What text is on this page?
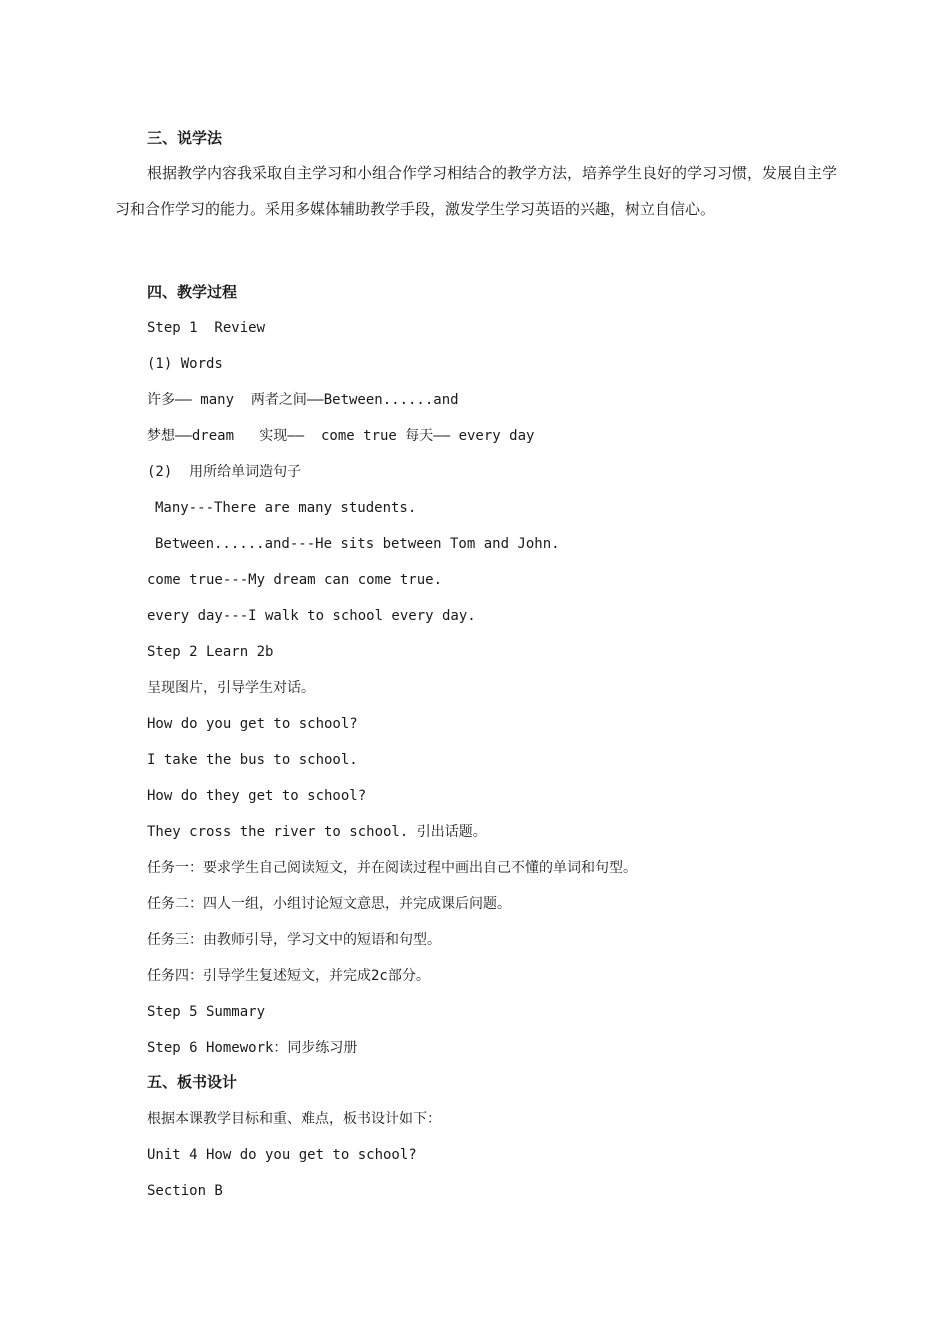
三、说学法
根据教学内容我采取自主学习和小组合作学习相结合的教学方法，培养学生良好的学习习惯，发展自主学习和合作学习的能力。采用多媒体辅助教学手段，激发学生学习英语的兴趣，树立自信心。
四、教学过程
Step 1  Review
(1) Words
许多—— many  两者之间——Between......and
梦想——dream   实现——  come true 每天—— every day
(2)  用所给单词造句子
Many---There are many students.
Between......and---He sits between Tom and John.
come true---My dream can come true.
every day---I walk to school every day.
Step 2 Learn 2b
呈现图片，引导学生对话。
How do you get to school?
I take the bus to school.
How do they get to school?
They cross the river to school. 引出话题。
任务一：要求学生自己阅读短文，并在阅读过程中画出自己不懂的单词和句型。
任务二：四人一组，小组讨论短文意思，并完成课后问题。
任务三：由教师引导，学习文中的短语和句型。
任务四：引导学生复述短文，并完成2c部分。
Step 5 Summary
Step 6 Homework：同步练习册
五、板书设计
根据本课教学目标和重、难点，板书设计如下：
Unit 4 How do you get to school?
Section B
